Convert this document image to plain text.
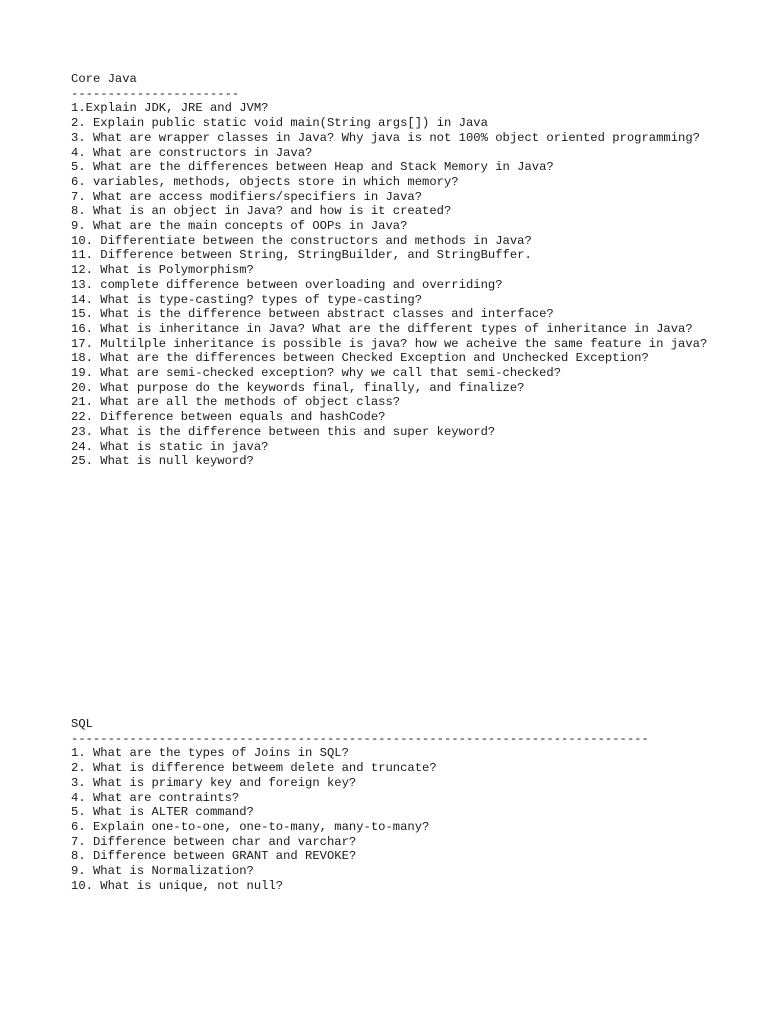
Core Java
-----------------------
1.Explain JDK, JRE and JVM?
2. Explain public static void main(String args[]) in Java
3. What are wrapper classes in Java? Why java is not 100% object oriented programming?
4. What are constructors in Java?
5. What are the differences between Heap and Stack Memory in Java?
6. variables, methods, objects store in which memory?
7. What are access modifiers/specifiers in Java?
8. What is an object in Java? and how is it created?
9. What are the main concepts of OOPs in Java?
10. Differentiate between the constructors and methods in Java?
11. Difference between String, StringBuilder, and StringBuffer.
12. What is Polymorphism?
13. complete difference between overloading and overriding?
14. What is type-casting? types of type-casting?
15. What is the difference between abstract classes and interface?
16. What is inheritance in Java? What are the different types of inheritance in Java?
17. Multilple inheritance is possible is java? how we acheive the same feature in java?
18. What are the differences between Checked Exception and Unchecked Exception?
19. What are semi-checked exception? why we call that semi-checked?
20. What purpose do the keywords final, finally, and finalize?
21. What are all the methods of object class?
22. Difference between equals and hashCode?
23. What is the difference between this and super keyword?
24. What is static in java?
25. What is null keyword?
SQL
-------------------------------------------------------------------------------
1. What are the types of Joins in SQL?
2. What is difference betweem delete and truncate?
3. What is primary key and foreign key?
4. What are contraints?
5. What is ALTER command?
6. Explain one-to-one, one-to-many, many-to-many?
7. Difference between char and varchar?
8. Difference between GRANT and REVOKE?
9. What is Normalization?
10. What is unique, not null?
